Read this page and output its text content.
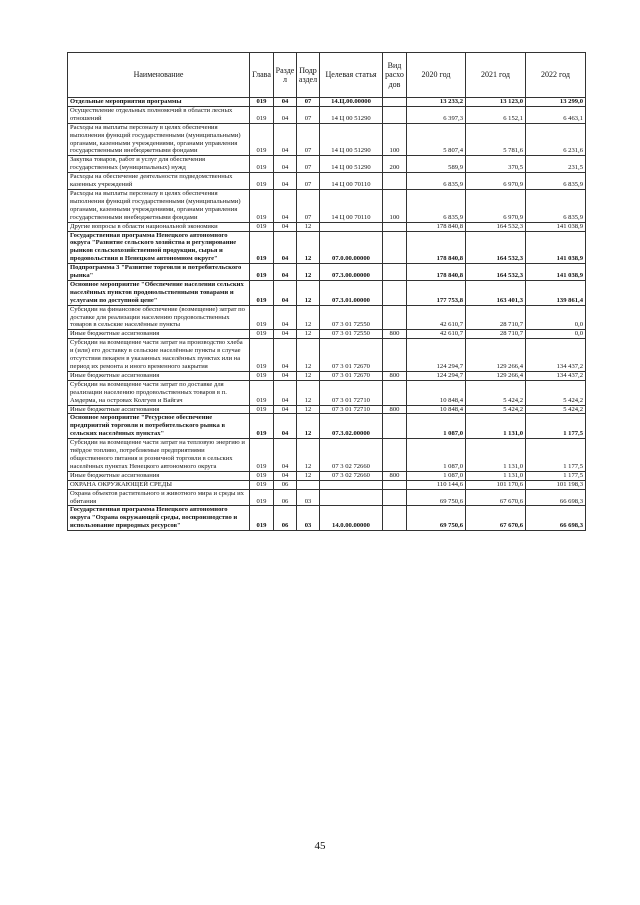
Наименование	Глава	Раздел	Подраздел	Целевая статья	Вид расходов	2020 год	2021 год	2022 год
Отдельные мероприятия программы	019	04	07	14.Ц.00.00000		13 233,2	13 123,0	13 299,0
Осуществление отдельных полномочий в области лесных отношений	019	04	07	14 Ц 00 51290		6 397,3	6 152,1	6 463,1
Расходы на выплаты персоналу в целях обеспечения выполнения функций государственными (муниципальными) органами, казенными учреждениями, органами управления государственными внебюджетными фондами	019	04	07	14 Ц 00 51290	100	5 807,4	5 781,6	6 231,6
Закупка товаров, работ и услуг для обеспечения государственных (муниципальных) нужд	019	04	07	14 Ц 00 51290	200	589,9	370,5	231,5
Расходы на обеспечение деятельности подведомственных казенных учреждений	019	04	07	14 Ц 00 70110		6 835,9	6 970,9	6 835,9
Расходы на выплаты персоналу в целях обеспечения выполнения функций государственными (муниципальными) органами, казенными учреждениями, органами управления государственными внебюджетными фондами	019	04	07	14 Ц 00 70110	100	6 835,9	6 970,9	6 835,9
Другие вопросы в области национальной экономики	019	04	12			178 840,8	164 532,3	141 038,9
Государственная программа Ненецкого автономного округа "Развитие сельского хозяйства и регулирование рынков сельскохозяйственной продукции, сырья и продовольствия в Ненецком автономном округе"	019	04	12	07.0.00.00000		178 840,8	164 532,3	141 038,9
Подпрограмма 3 "Развитие торговли и потребительского рынка"	019	04	12	07.3.00.00000		178 840,8	164 532,3	141 038,9
Основное мероприятие "Обеспечение населения сельских населённых пунктов продовольственными товарами и услугами по доступной цене"	019	04	12	07.3.01.00000		177 753,8	163 401,3	139 861,4
Субсидии на финансовое обеспечение (возмещение) затрат по доставке для реализации населению продовольственных товаров в сельские населённые пункты	019	04	12	07 3 01 72550		42 610,7	28 710,7	0,0
Иные бюджетные ассигнования	019	04	12	07 3 01 72550	800	42 610,7	28 710,7	0,0
Субсидии на возмещение части затрат на производство хлеба и (или) его доставку в сельские населённые пункты в случае отсутствия пекарен в указанных населённых пунктах или на период их ремонта и иного временного закрытия	019	04	12	07 3 01 72670		124 294,7	129 266,4	134 437,2
Иные бюджетные ассигнования	019	04	12	07 3 01 72670	800	124 294,7	129 266,4	134 437,2
Субсидии на возмещение части затрат по доставке для реализации населению продовольственных товаров в п. Амдерма, на островах Колгуев и Вайгач	019	04	12	07 3 01 72710		10 848,4	5 424,2	5 424,2
Иные бюджетные ассигнования	019	04	12	07 3 01 72710	800	10 848,4	5 424,2	5 424,2
Основное мероприятие "Ресурсное обеспечение предприятий торговли и потребительского рынка в сельских населённых пунктах"	019	04	12	07.3.02.00000		1 087,0	1 131,0	1 177,5
Субсидии на возмещение части затрат на тепловую энергию и твёрдое топливо, потребляемые предприятиями общественного питания и розничной торговли в сельских населённых пунктах Ненецкого автономного округа	019	04	12	07 3 02 72660		1 087,0	1 131,0	1 177,5
Иные бюджетные ассигнования	019	04	12	07 3 02 72660	800	1 087,0	1 131,0	1 177,5
ОХРАНА ОКРУЖАЮЩЕЙ СРЕДЫ	019	06				110 144,6	101 170,6	101 198,3
Охрана объектов растительного и животного мира и среды их обитания	019	06	03			69 750,6	67 670,6	66 698,3
Государственная программа Ненецкого автономного округа "Охрана окружающей среды, воспроизводство и использование природных ресурсов"	019	06	03	14.0.00.00000		69 750,6	67 670,6	66 698,3
45
